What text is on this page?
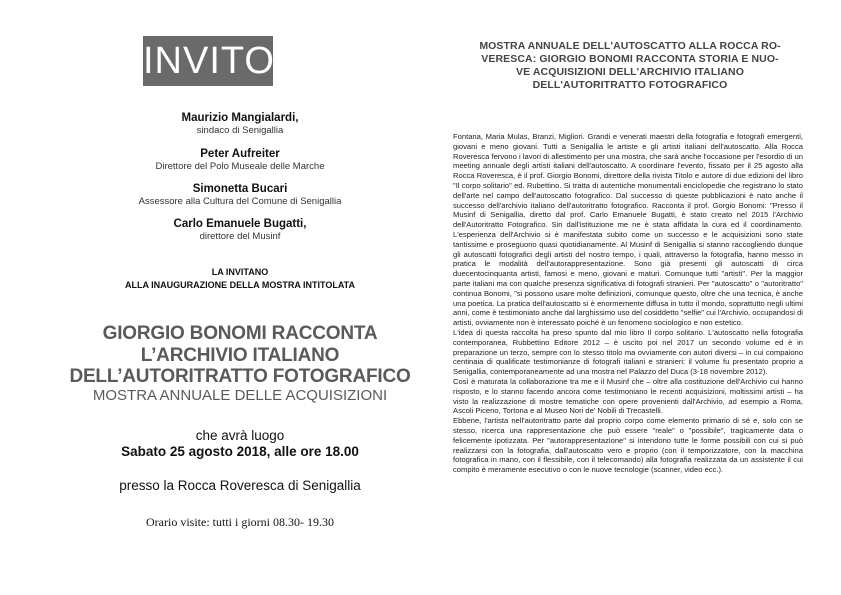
INVITO
Maurizio Mangialardi,
sindaco di Senigallia
Peter Aufreiter
Direttore del Polo Museale delle Marche
Simonetta Bucari
Assessore alla Cultura del Comune di Senigallia
Carlo Emanuele Bugatti,
direttore del Musinf
LA INVITANO
ALLA INAUGURAZIONE DELLA MOSTRA INTITOLATA
GIORGIO BONOMI RACCONTA
L’ARCHIVIO ITALIANO
DELL’AUTORITRATTO FOTOGRAFICO
MOSTRA ANNUALE DELLE ACQUISIZIONI
che avrà luogo
Sabato 25 agosto 2018, alle ore 18.00
presso la Rocca Roveresca di Senigallia
Orario visite: tutti i giorni 08.30- 19.30
MOSTRA ANNUALE DELL'AUTOSCATTO ALLA ROCCA RO-
VERESCA: GIORGIO BONOMI RACCONTA STORIA E NUO-
VE ACQUISIZIONI DELL'ARCHIVIO ITALIANO
DELL'AUTORITRATTO FOTOGRAFICO

Fontana, Maria Mulas, Branzi, Migliori. Grandi e venerati maestri della fotografia e fotografi emergenti, giovani e meno giovani. Tutti a Senigallia le artiste e gli artisti italiani dell'autoscatto. Alla Rocca Roveresca fervono i lavori di allestimento per una mostra, che sarà anche l'occasione per l'esordio di un meeting annuale degli artisti italiani dell'autoscatto. A coordinare l'evento, fissato per il 25 agosto alla Rocca Roveresca, è il prof. Giorgio Bonomi, direttore della rivista Titolo e autore di due edizioni del libro "Il corpo solitario" ed. Rubettino. Si tratta di autentiche monumentali enciclopedie che registrano lo stato dell'arte nel campo dell'autoscatto fotografico. Dal successo di queste pubblicazioni è nato anche il successo dell'archivio italiano dell'autoritratto fotografico. Racconta il prof. Gorgio Bonomi: "Presso il Musinf di Senigallia, diretto dal prof. Carlo Emanuele Bugatti, è stato creato nel 2015 l'Archivio dell'Autoritratto Fotografico. Sin dall'istituzione me ne è stata affidata la cura ed il coordinamento. L'esperienza dell'Archivio si è manifestata subito come un successo e le acquisizioni sono state tantissime e proseguono quasi quotidianamente. Al Musinf di Senigallia si stanno raccogliendo dunque gli autoscatti fotografici degli artisti del nostro tempo, i quali, attraverso la fotografia, hanno messo in pratica le modalità dell'autorappresentazione. Sono già presenti gli autoscatti di circa duecentocinquanta artisti, famosi e meno, giovani e maturi. Comunque tutti "artisti". Per la maggior parte italiani ma con qualche presenza significativa di fotografi stranieri. Per "autoscatto" o "autoritratto" continua Bonomi, "si possono usare molte definizioni, comunque questo, oltre che una tecnica, è anche una poetica. La pratica dell'autoscatto si è enormemente diffusa in tutto il mondo, soprattutto negli ultimi anni, come è testimoniato anche dal larghissimo uso del cosiddetto "selfie" cui l'Archivio, occupandosi di artisti, ovviamente non è interessato poiché è un fenomeno sociologico e non estetico.

L'idea di questa raccolta ha preso spunto dal mio libro Il corpo solitario. L'autoscatto nella fotografia contemporanea, Rubbettino Editore 2012 – è uscito poi nel 2017 un secondo volume ed è in preparazione un terzo, sempre con lo stesso titolo ma ovviamente con autori diversi – in cui compaiono centinaia di qualificate testimonianze di fotografi italiani e stranieri: il volume fu presentato proprio a Senigallia, contemporaneamente ad una mostra nel Palazzo del Duca (3-18 novembre 2012).

Così è maturata la collaborazione tra me e il Musinf che – oltre alla costituzione dell'Archivio cui hanno risposto, e lo stanno facendo ancora come testimoniano le recenti acquisizioni, moltissimi artisti – ha visto la realizzazione di mostre tematiche con opere provenienti dall'Archivio, ad esempio a Roma, Ascoli Piceno, Tortona e al Museo Nori de' Nobili di Trecastelli.

Ebbene, l'artista nell'autoritratto parte dal proprio corpo come elemento primario di sé e, solo con se stesso, ricerca una rappresentazione che può essere "reale" o "possibile", tragicamente data o felicemente ipotizzata. Per "autorappresentazione" si intendono tutte le forme possibili con cui si può realizzarsi con la fotografia, dall'autoscatto vero e proprio (con il temporizzatore, con la macchina fotografica in mano, con il flessibile, con il telecomando) alla fotografia realizzata da un assistente il cui compito è meramente esecutivo o con le nuove tecnologie (scanner, video ecc.).
